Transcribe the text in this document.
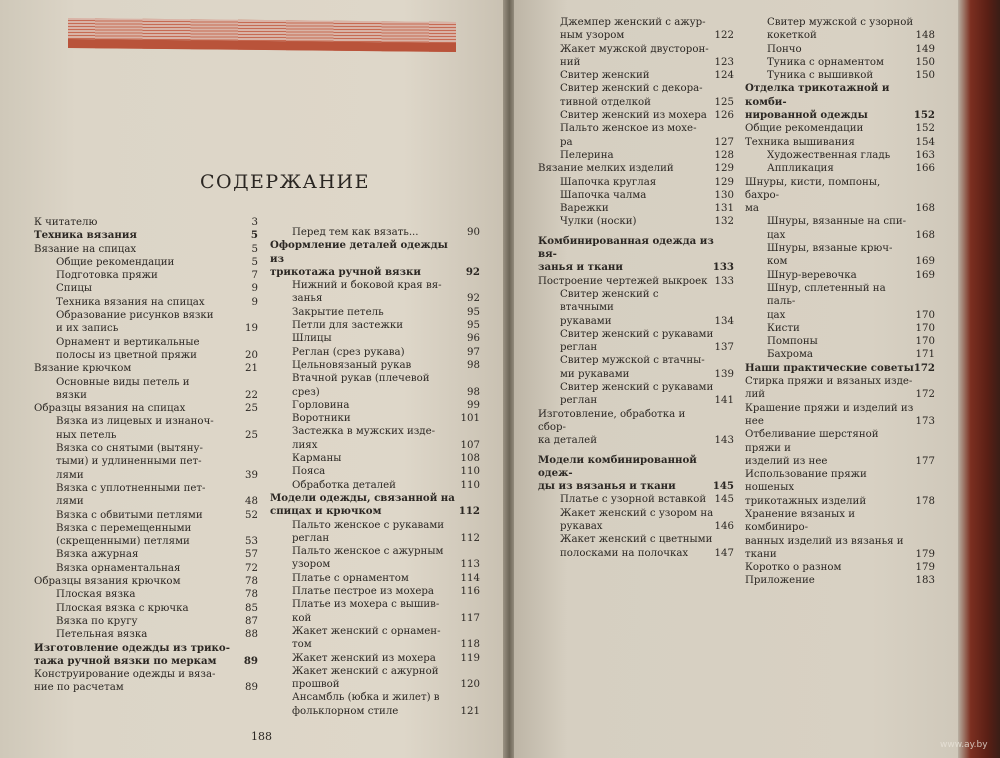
СОДЕРЖАНИЕ
К читателю	3
Техника вязания	5
Вязание на спицах	5
Общие рекомендации	5
Подготовка пряжи	7
Спицы	9
Техника вязания на спицах	9
Образование рисунков вязки
и их запись	19
Орнамент и вертикальные
полосы из цветной пряжи	20
Вязание крючком	21
Основные виды петель и
вязки	22
Образцы вязания на спицах	25
Вязка из лицевых и изнаноч-
ных петель	25
Вязка со снятыми (вытяну-
тыми) и удлиненными пет-
лями	39
Вязка с уплотненными пет-
лями	48
Вязка с обвитыми петлями	52
Вязка с перемещенными
(скрещенными) петлями	53
Вязка ажурная	57
Вязка орнаментальная	72
Образцы вязания крючком	78
Плоская вязка	78
Плоская вязка с крючка	85
Вязка по кругу	87
Петельная вязка	88
Изготовление одежды из трико-
тажа ручной вязки по меркам	89
Конструирование одежды и вяза-
ние по расчетам	89
Перед тем как вязать...	90
Оформление деталей одежды из
трикотажа ручной вязки	92
Нижний и боковой края вя-
занья	92
Закрытие петель	95
Петли для застежки	95
Шлицы	96
Реглан (срез рукава)	97
Цельновязаный рукав	98
Втачной рукав (плечевой
срез)	98
Горловина	99
Воротники	101
Застежка в мужских изде-
лиях	107
Карманы	108
Пояса	110
Обработка деталей	110
Модели одежды, связанной на
спицах и крючком	112
Пальто женское с рукавами
реглан	112
Пальто женское с ажурным
узором	113
Платье с орнаментом	114
Платье пестрое из мохера	116
Платье из мохера с вышив-
кой	117
Жакет женский с орнамен-
том	118
Жакет женский из мохера 119
Жакет женский с ажурной
прошвой	120
Ансамбль (юбка и жилет) в
фольклорном стиле	121
Джемпер женский с ажур-
ным узором	122
Жакет мужской двусторон-
ний	123
Свитер женский	124
Свитер женский с декора-
тивной отделкой	125
Свитер женский из мохера 126
Пальто женское из мохе-
ра	127
Пелерина	128
Вязание мелких изделий	129
Шапочка круглая	129
Шапочка чалма	130
Варежки	131
Чулки (носки)	132
Комбинированная одежда из вя-
занья и ткани	133
Построение чертежей выкроек 133
Свитер женский с втачными
рукавами	134
Свитер женский с рукавами
реглан	137
Свитер мужской с втачны-
ми рукавами	139
Свитер женский с рукавами
реглан	141
Изготовление, обработка и сбор-
ка деталей	143
Модели комбинированной одеж-
ды из вязанья и ткани	145
Платье с узорной вставкой 145
Жакет женский с узором на
рукавах	146
Жакет женский с цветными
полосками на полочках	147
Свитер мужской с узорной
кокеткой	148
Пончо	149
Туника с орнаментом	150
Туника с вышивкой	150
Отделка трикотажной и комби-
нированной одежды	152
Общие рекомендации	152
Техника вышивания	154
Художественная гладь 163
Аппликация	166
Шнуры, кисти, помпоны, бахро-
ма	168
Шнуры, вязанные на спи-
цах	168
Шнуры, вязаные крюч-
ком	169
Шнур-веревочка	169
Шнур, сплетенный на паль-
цах	170
Кисти	170
Помпоны	170
Бахрома	171
Наши практические советы 172
Стирка пряжи и вязаных изде-
лий	172
Крашение пряжи и изделий из
нее	173
Отбеливание шерстяной пряжи и
изделий из нее	177
Использование пряжи ношеных
трикотажных изделий	178
Хранение вязаных и комбиниро-
ванных изделий из вязанья и
ткани	179
Коротко о разном	179
Приложение	183
188
www.ay.by
